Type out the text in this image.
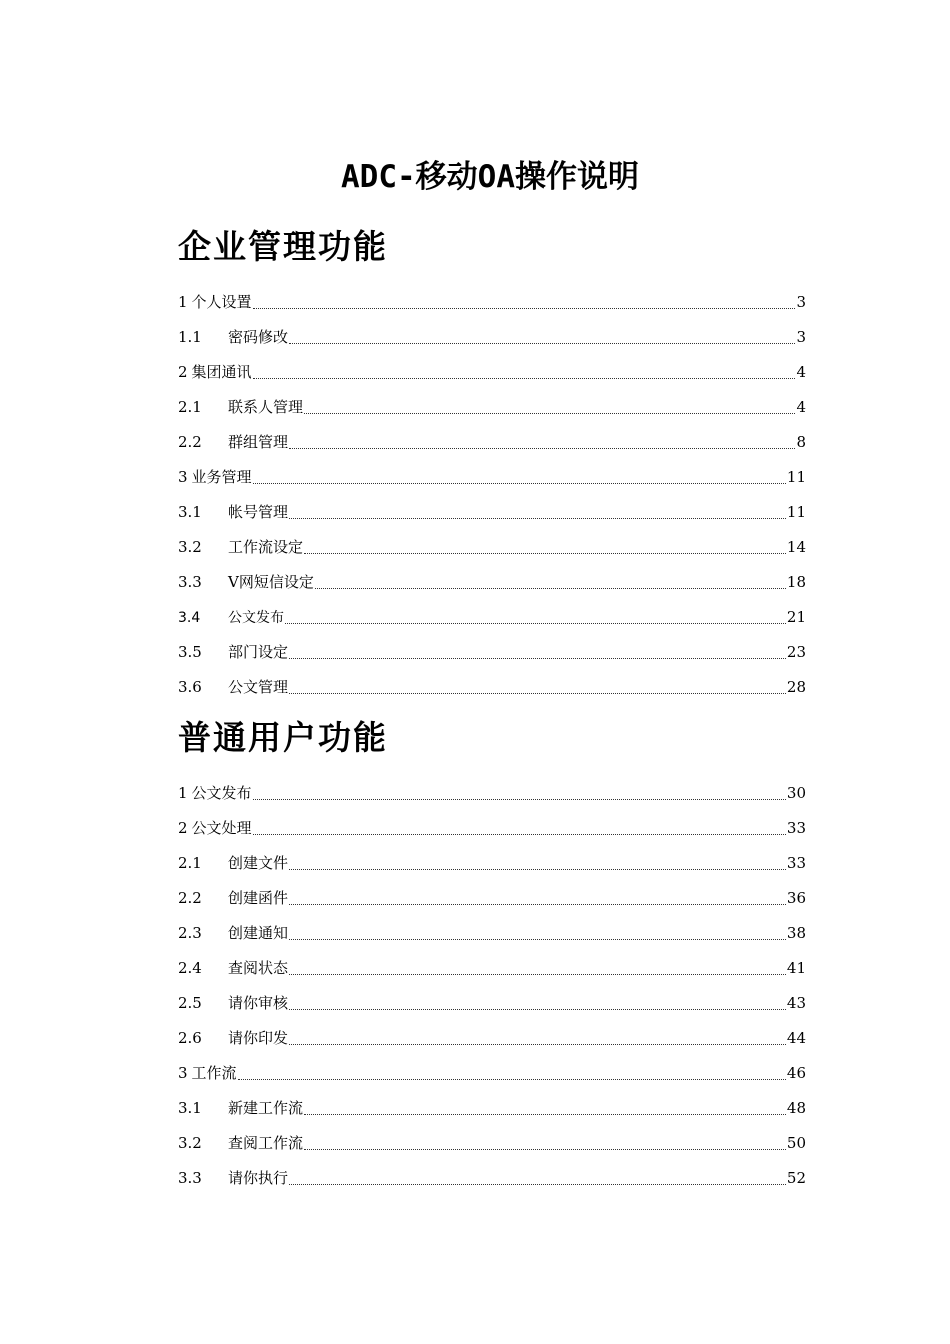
ADC-移动OA操作说明
企业管理功能
1 个人设置	3
1.1	密码修改	3
2 集团通讯	4
2.1	联系人管理	4
2.2	群组管理	8
3 业务管理	11
3.1	帐号管理	11
3.2	工作流设定	14
3.3	V网短信设定	18
3.4	公文发布	21
3.5	部门设定	23
3.6	公文管理	28
普通用户功能
1 公文发布	30
2 公文处理	33
2.1	创建文件	33
2.2	创建函件	36
2.3	创建通知	38
2.4	查阅状态	41
2.5	请你审核	43
2.6	请你印发	44
3 工作流	46
3.1	新建工作流	48
3.2	查阅工作流	50
3.3	请你执行	52
